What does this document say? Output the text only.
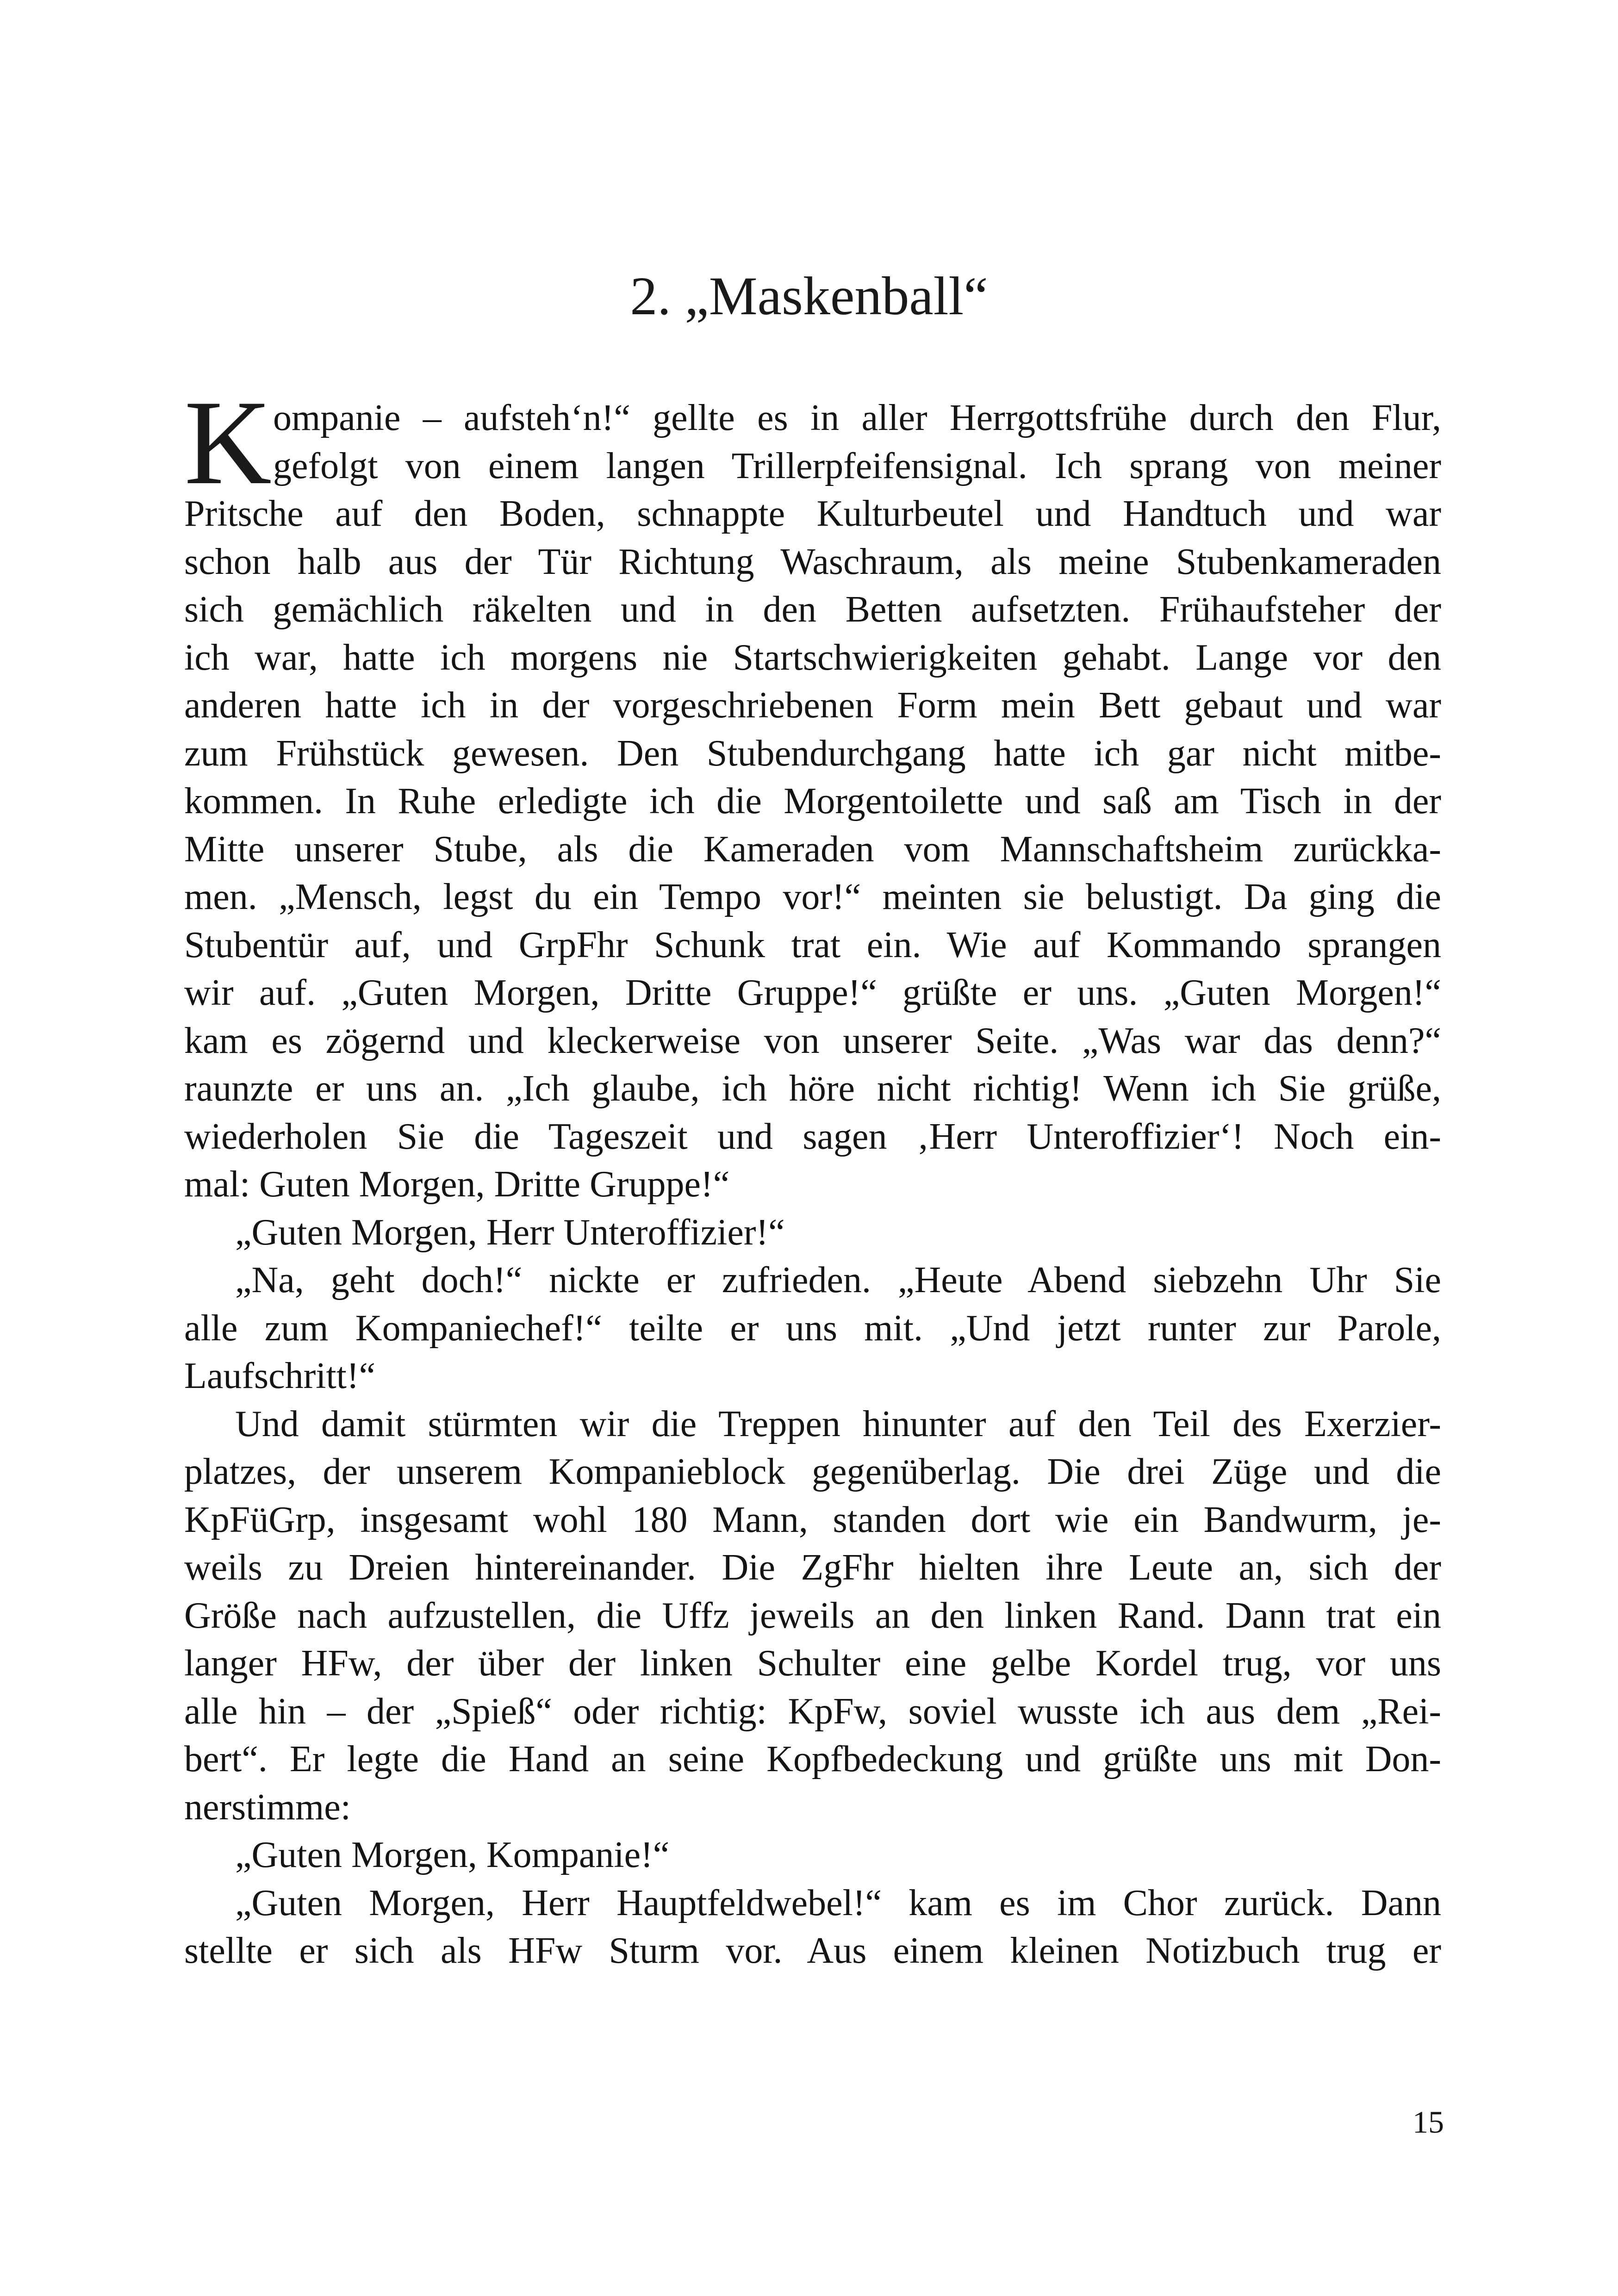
2. „Maskenball“
K ompanie – aufsteh‘n!“ gellte es in aller Herrgottsfrühe durch den Flur,
gefolgt von einem langen Trillerpfeifensignal. Ich sprang von meiner
Pritsche auf den Boden, schnappte Kulturbeutel und Handtuch und war
schon halb aus der Tür Richtung Waschraum, als meine Stubenkameraden
sich gemächlich räkelten und in den Betten aufsetzten. Frühaufsteher der
ich war, hatte ich morgens nie Startschwierigkeiten gehabt. Lange vor den
anderen hatte ich in der vorgeschriebenen Form mein Bett gebaut und war
zum Frühstück gewesen. Den Stubendurchgang hatte ich gar nicht mitbe-
kommen. In Ruhe erledigte ich die Morgentoilette und saß am Tisch in der
Mitte unserer Stube, als die Kameraden vom Mannschaftsheim zurückka-
men. „Mensch, legst du ein Tempo vor!“ meinten sie belustigt. Da ging die
Stubentür auf, und GrpFhr Schunk trat ein. Wie auf Kommando sprangen
wir auf. „Guten Morgen, Dritte Gruppe!“ grüßte er uns. „Guten Morgen!“
kam es zögernd und kleckerweise von unserer Seite. „Was war das denn?“
raunzte er uns an. „Ich glaube, ich höre nicht richtig! Wenn ich Sie grüße,
wiederholen Sie die Tageszeit und sagen ‚Herr Unteroffizier‘! Noch ein-
mal: Guten Morgen, Dritte Gruppe!“
„Guten Morgen, Herr Unteroffizier!“
„Na, geht doch!“ nickte er zufrieden. „Heute Abend siebzehn Uhr Sie
alle zum Kompaniechef!“ teilte er uns mit. „Und jetzt runter zur Parole,
Laufschritt!“
Und damit stürmten wir die Treppen hinunter auf den Teil des Exerzier-
platzes, der unserem Kompanieblock gegenüberlag. Die drei Züge und die
KpFüGrp, insgesamt wohl 180 Mann, standen dort wie ein Bandwurm, je-
weils zu Dreien hintereinander. Die ZgFhr hielten ihre Leute an, sich der
Größe nach aufzustellen, die Uffz jeweils an den linken Rand. Dann trat ein
langer HFw, der über der linken Schulter eine gelbe Kordel trug, vor uns
alle hin – der „Spieß“ oder richtig: KpFw, soviel wusste ich aus dem „Rei-
bert“. Er legte die Hand an seine Kopfbedeckung und grüßte uns mit Don-
nerstimme:
„Guten Morgen, Kompanie!“
„Guten Morgen, Herr Hauptfeldwebel!“ kam es im Chor zurück. Dann
stellte er sich als HFw Sturm vor. Aus einem kleinen Notizbuch trug er
15
